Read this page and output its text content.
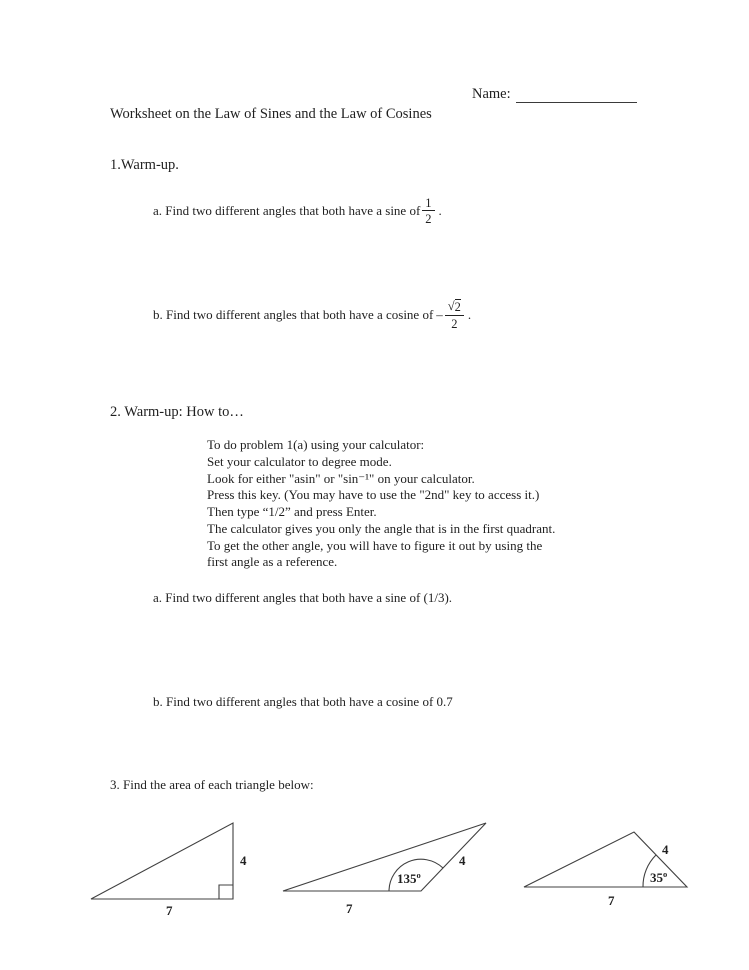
Name:
Worksheet on the Law of Sines and the Law of Cosines
1.Warm-up.
a. Find two different angles that both have a sine of $\frac{1}{2}$ .
b. Find two different angles that both have a cosine of – $\frac{√ 2}{2}$ .
2. Warm-up: How to…
To do problem 1(a) using your calculator:
Set your calculator to degree mode.
Look for either "asin" or "sin⁻¹" on your calculator.
Press this key. (You may have to use the "2nd" key to access it.)
Then type “1/2” and press Enter.
The calculator gives you only the angle that is in the first quadrant.
To get the other angle, you will have to figure it out by using the
first angle as a reference.
a. Find two different angles that both have a sine of (1/3).
b. Find two different angles that both have a cosine of 0.7
3. Find the area of each triangle below:
4
7
4
7
135$^o$
4
7
35$^o$
